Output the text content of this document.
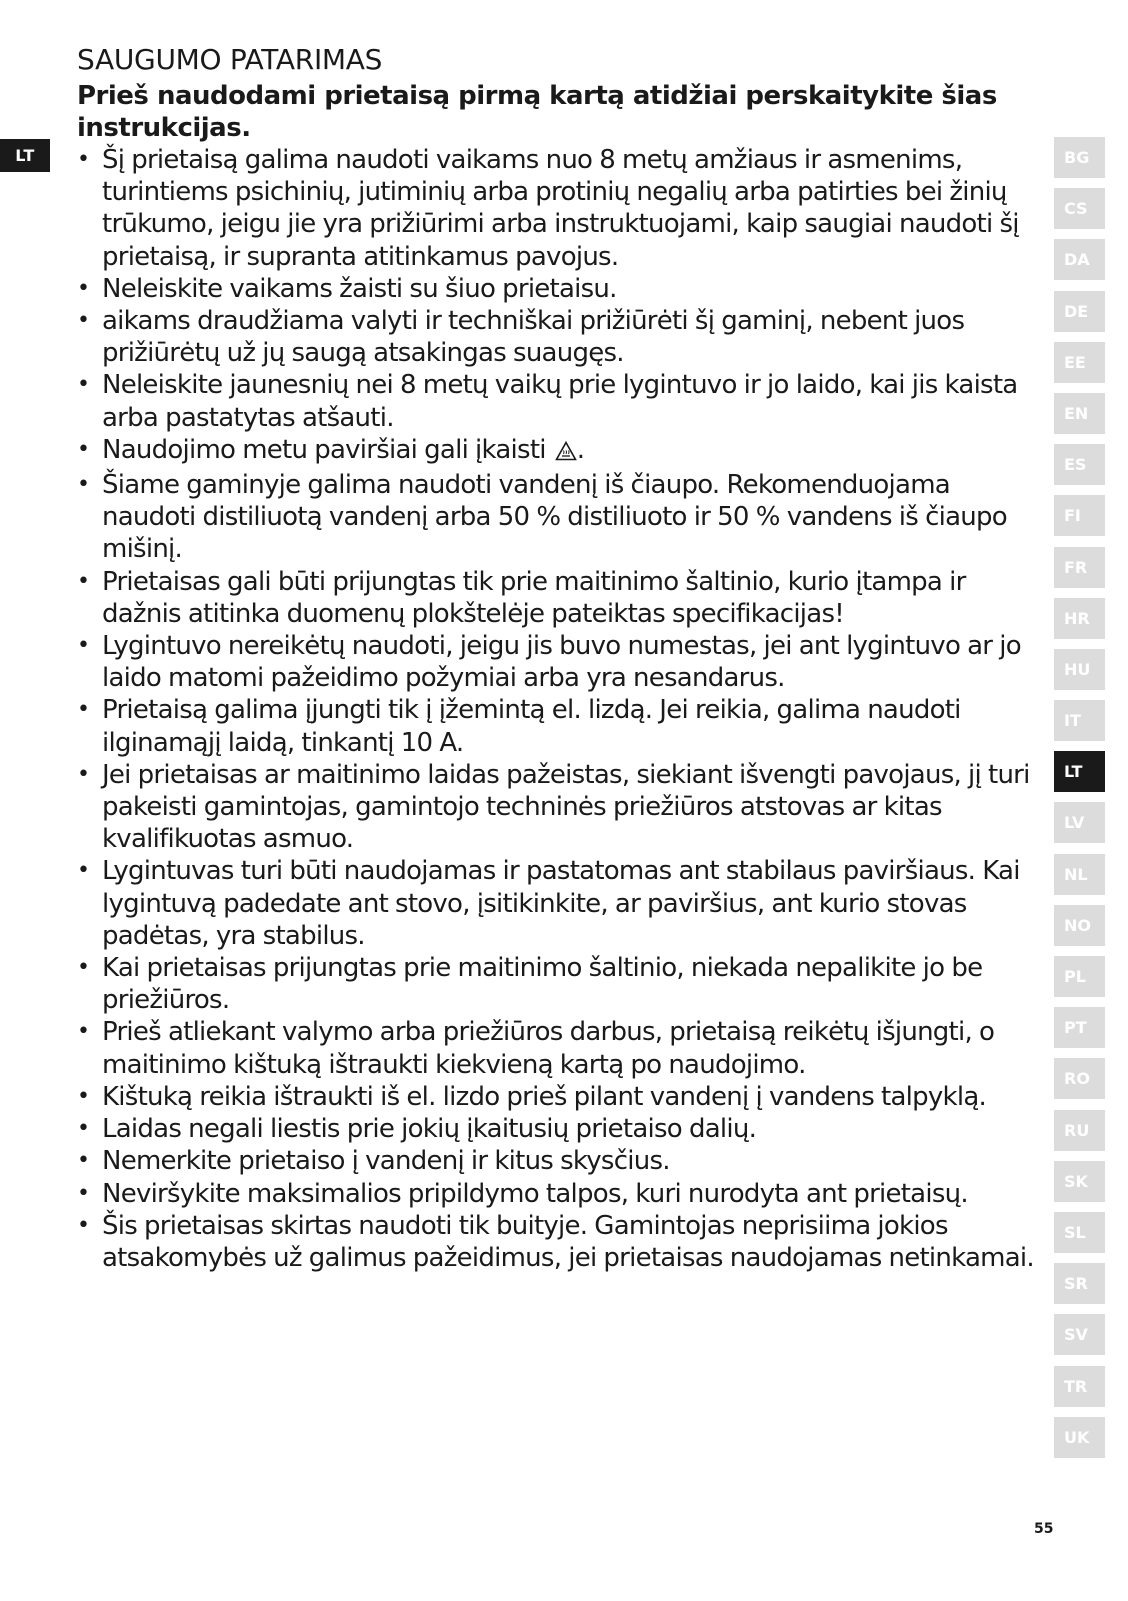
LT
SAUGUMO PATARIMAS

Prieš naudodami prietaisą pirmą kartą atidžiai perskaitykite šias instrukcijas.

• Šį prietaisą galima naudoti vaikams nuo 8 metų amžiaus ir asmenims, turintiems psichinių, jutiminių arba protinių negalių arba patirties bei žinių trūkumo, jeigu jie yra prižiūrimi arba instruktuojami, kaip saugiai naudoti šį prietaisą, ir supranta atitinkamus pavojus.
• Neleiskite vaikams žaisti su šiuo prietaisu.
• aikams draudžiama valyti ir techniškai prižiūrėti šį gaminį, nebent juos prižiūrėtų už jų saugą atsakingas suaugęs.
• Neleiskite jaunesnių nei 8 metų vaikų prie lygintuvo ir jo laido, kai jis kaista arba pastatytas atšauti.
• Naudojimo metu paviršiai gali įkaisti .
• Šiame gaminyje galima naudoti vandenį iš čiaupo. Rekomenduojama naudoti distiliuotą vandenį arba 50 % distiliuoto ir 50 % vandens iš čiaupo mišinį.
• Prietaisas gali būti prijungtas tik prie maitinimo šaltinio, kurio įtampa ir dažnis atitinka duomenų plokštelėje pateiktas specifikacijas!
• Lygintuvo nereikėtų naudoti, jeigu jis buvo numestas, jei ant lygintuvo ar jo laido matomi pažeidimo požymiai arba yra nesandarus.
• Prietaisą galima įjungti tik į įžemintą el. lizdą. Jei reikia, galima naudoti ilginamąjį laidą, tinkantį 10 A.
• Jei prietaisas ar maitinimo laidas pažeistas, siekiant išvengti pavojaus, jį turi pakeisti gamintojas, gamintojo techninės priežiūros atstovas ar kitas kvalifikuotas asmuo.
• Lygintuvas turi būti naudojamas ir pastatomas ant stabilaus paviršiaus. Kai lygintuvą padedate ant stovo, įsitikinkite, ar paviršius, ant kurio stovas padėtas, yra stabilus.
• Kai prietaisas prijungtas prie maitinimo šaltinio, niekada nepalikite jo be priežiūros.
• Prieš atliekant valymo arba priežiūros darbus, prietaisą reikėtų išjungti, o maitinimo kištuką ištraukti kiekvieną kartą po naudojimo.
• Kištuką reikia ištraukti iš el. lizdo prieš pilant vandenį į vandens talpyklą.
• Laidas negali liestis prie jokių įkaitusių prietaiso dalių.
• Nemerkite prietaiso į vandenį ir kitus skysčius.
• Neviršykite maksimalios pripildymo talpos, kuri nurodyta ant prietaisų.
• Šis prietaisas skirtas naudoti tik buityje. Gamintojas neprisiima jokios atsakomybės už galimus pažeidimus, jei prietaisas naudojamas netinkamai.
BG
CS
DA
DE
EE
EN
ES
FI
FR
HR
HU
IT
LT
LV
NL
NO
PL
PT
RO
RU
SK
SL
SR
SV
TR
UK
55
